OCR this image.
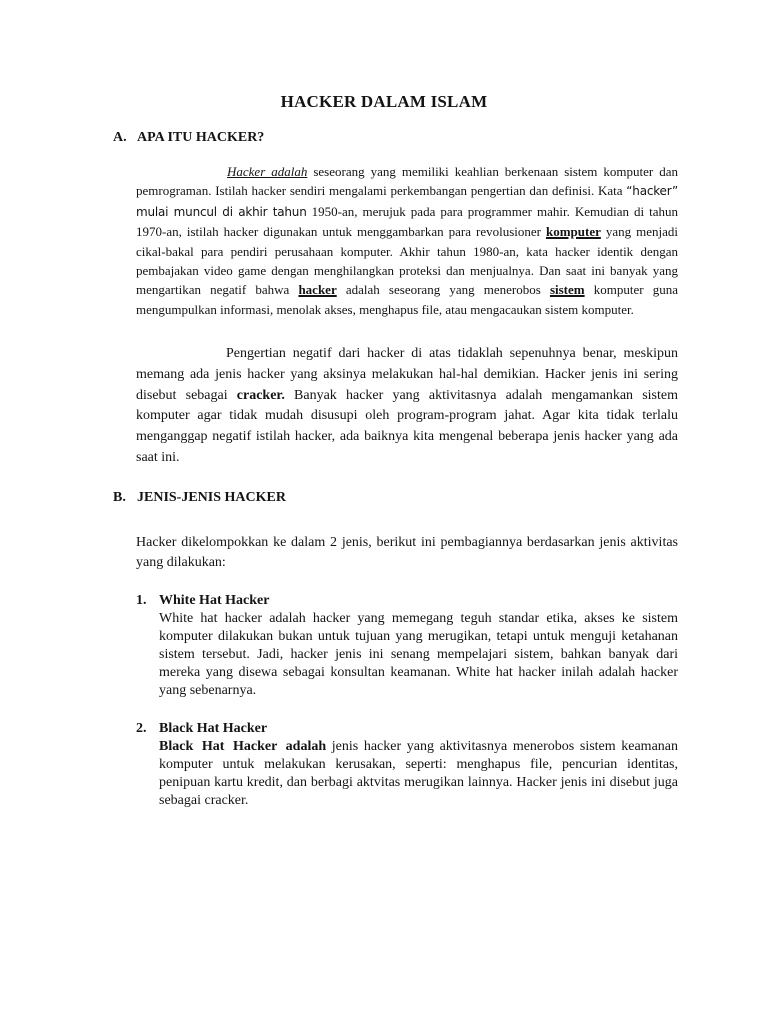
HACKER DALAM ISLAM
A. APA ITU HACKER?

Hacker adalah seseorang yang memiliki keahlian berkenaan sistem komputer dan pemrograman. Istilah hacker sendiri mengalami perkembangan pengertian dan definisi. Kata “hacker” mulai muncul di akhir tahun 1950-an, merujuk pada para programmer mahir. Kemudian di tahun 1970-an, istilah hacker digunakan untuk menggambarkan para revolusioner komputer yang menjadi cikal-bakal para pendiri perusahaan komputer. Akhir tahun 1980-an, kata hacker identik dengan pembajakan video game dengan menghilangkan proteksi dan menjualnya. Dan saat ini banyak yang mengartikan negatif bahwa hacker adalah seseorang yang menerobos sistem komputer guna mengumpulkan informasi, menolak akses, menghapus file, atau mengacaukan sistem komputer.

Pengertian negatif dari hacker di atas tidaklah sepenuhnya benar, meskipun memang ada jenis hacker yang aksinya melakukan hal-hal demikian. Hacker jenis ini sering disebut sebagai cracker. Banyak hacker yang aktivitasnya adalah mengamankan sistem komputer agar tidak mudah disusupi oleh program-program jahat. Agar kita tidak terlalu menganggap negatif istilah hacker, ada baiknya kita mengenal beberapa jenis hacker yang ada saat ini.

B. JENIS-JENIS HACKER

Hacker dikelompokkan ke dalam 2 jenis, berikut ini pembagiannya berdasarkan jenis aktivitas yang dilakukan:

1. White Hat Hacker

White hat hacker adalah hacker yang memegang teguh standar etika, akses ke sistem komputer dilakukan bukan untuk tujuan yang merugikan, tetapi untuk menguji ketahanan sistem tersebut. Jadi, hacker jenis ini senang mempelajari sistem, bahkan banyak dari mereka yang disewa sebagai konsultan keamanan. White hat hacker inilah adalah hacker yang sebenarnya.

2. Black Hat Hacker

Black Hat Hacker adalah jenis hacker yang aktivitasnya menerobos sistem keamanan komputer untuk melakukan kerusakan, seperti: menghapus file, pencurian identitas, penipuan kartu kredit, dan berbagi aktvitas merugikan lainnya. Hacker jenis ini disebut juga sebagai cracker.
